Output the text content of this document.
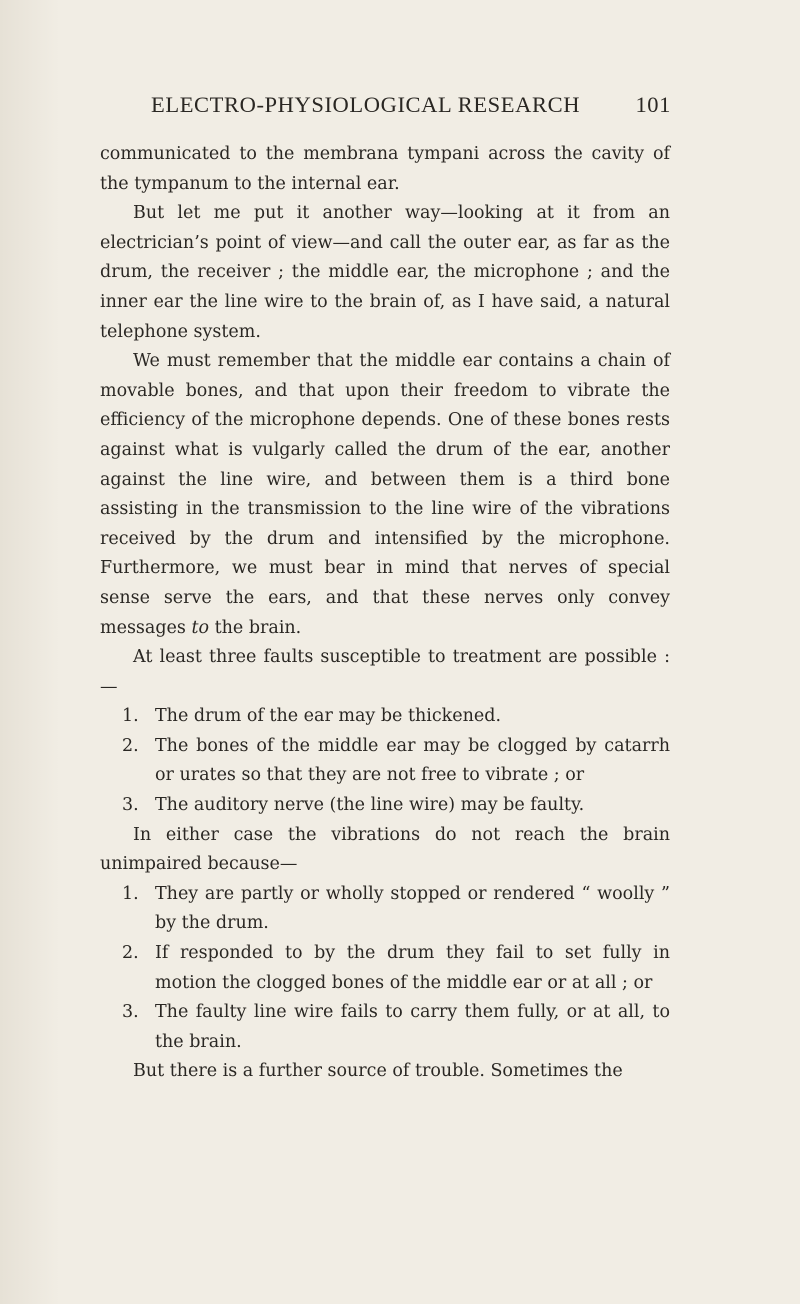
ELECTRO-PHYSIOLOGICAL RESEARCH 101

communicated to the membrana tympani across the cavity of the tympanum to the internal ear.

But let me put it another way—looking at it from an electrician’s point of view—and call the outer ear, as far as the drum, the receiver ; the middle ear, the microphone ; and the inner ear the line wire to the brain of, as I have said, a natural telephone system.

We must remember that the middle ear contains a chain of movable bones, and that upon their freedom to vibrate the efficiency of the microphone depends. One of these bones rests against what is vulgarly called the drum of the ear, another against the line wire, and between them is a third bone assisting in the transmission to the line wire of the vibrations received by the drum and intensified by the microphone. Furthermore, we must bear in mind that nerves of special sense serve the ears, and that these nerves only convey messages to the brain.

At least three faults susceptible to treatment are possible :—

1. The drum of the ear may be thickened.
2. The bones of the middle ear may be clogged by catarrh or urates so that they are not free to vibrate ; or
3. The auditory nerve (the line wire) may be faulty.

In either case the vibrations do not reach the brain unimpaired because—

1. They are partly or wholly stopped or rendered “ woolly ” by the drum.
2. If responded to by the drum they fail to set fully in motion the clogged bones of the middle ear or at all ; or
3. The faulty line wire fails to carry them fully, or at all, to the brain.

But there is a further source of trouble. Sometimes the
